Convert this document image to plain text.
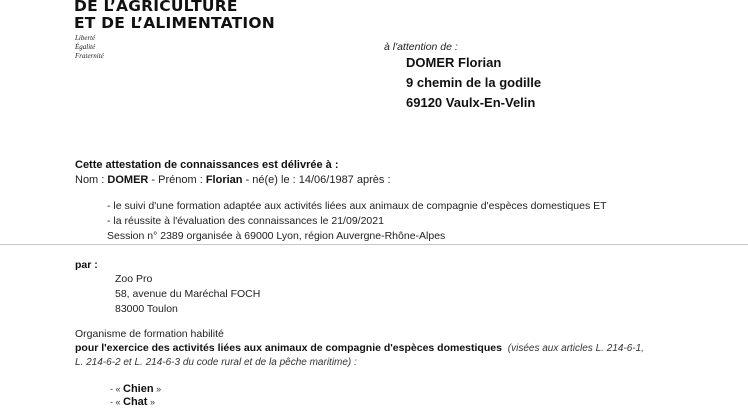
DE L’AGRICULTURE
ET DE L’ALIMENTATION
Liberté
Égalité
Fraternité
à l'attention de :
DOMER Florian
9 chemin de la godille
69120 Vaulx-En-Velin
Cette attestation de connaissances est délivrée à :
Nom : DOMER - Prénom : Florian - né(e) le : 14/06/1987 après :
- le suivi d'une formation adaptée aux activités liées aux animaux de compagnie d'espèces domestiques ET
- la réussite à l'évaluation des connaissances le 21/09/2021
Session n° 2389 organisée à 69000 Lyon, région Auvergne-Rhône-Alpes
par :
Zoo Pro
58, avenue du Maréchal FOCH
83000 Toulon
Organisme de formation habilité
pour l'exercice des activités liées aux animaux de compagnie d'espèces domestiques (visées aux articles L. 214-6-1,
L. 214-6-2 et L. 214-6-3 du code rural et de la pêche maritime) :
- « Chien »
- « Chat »
